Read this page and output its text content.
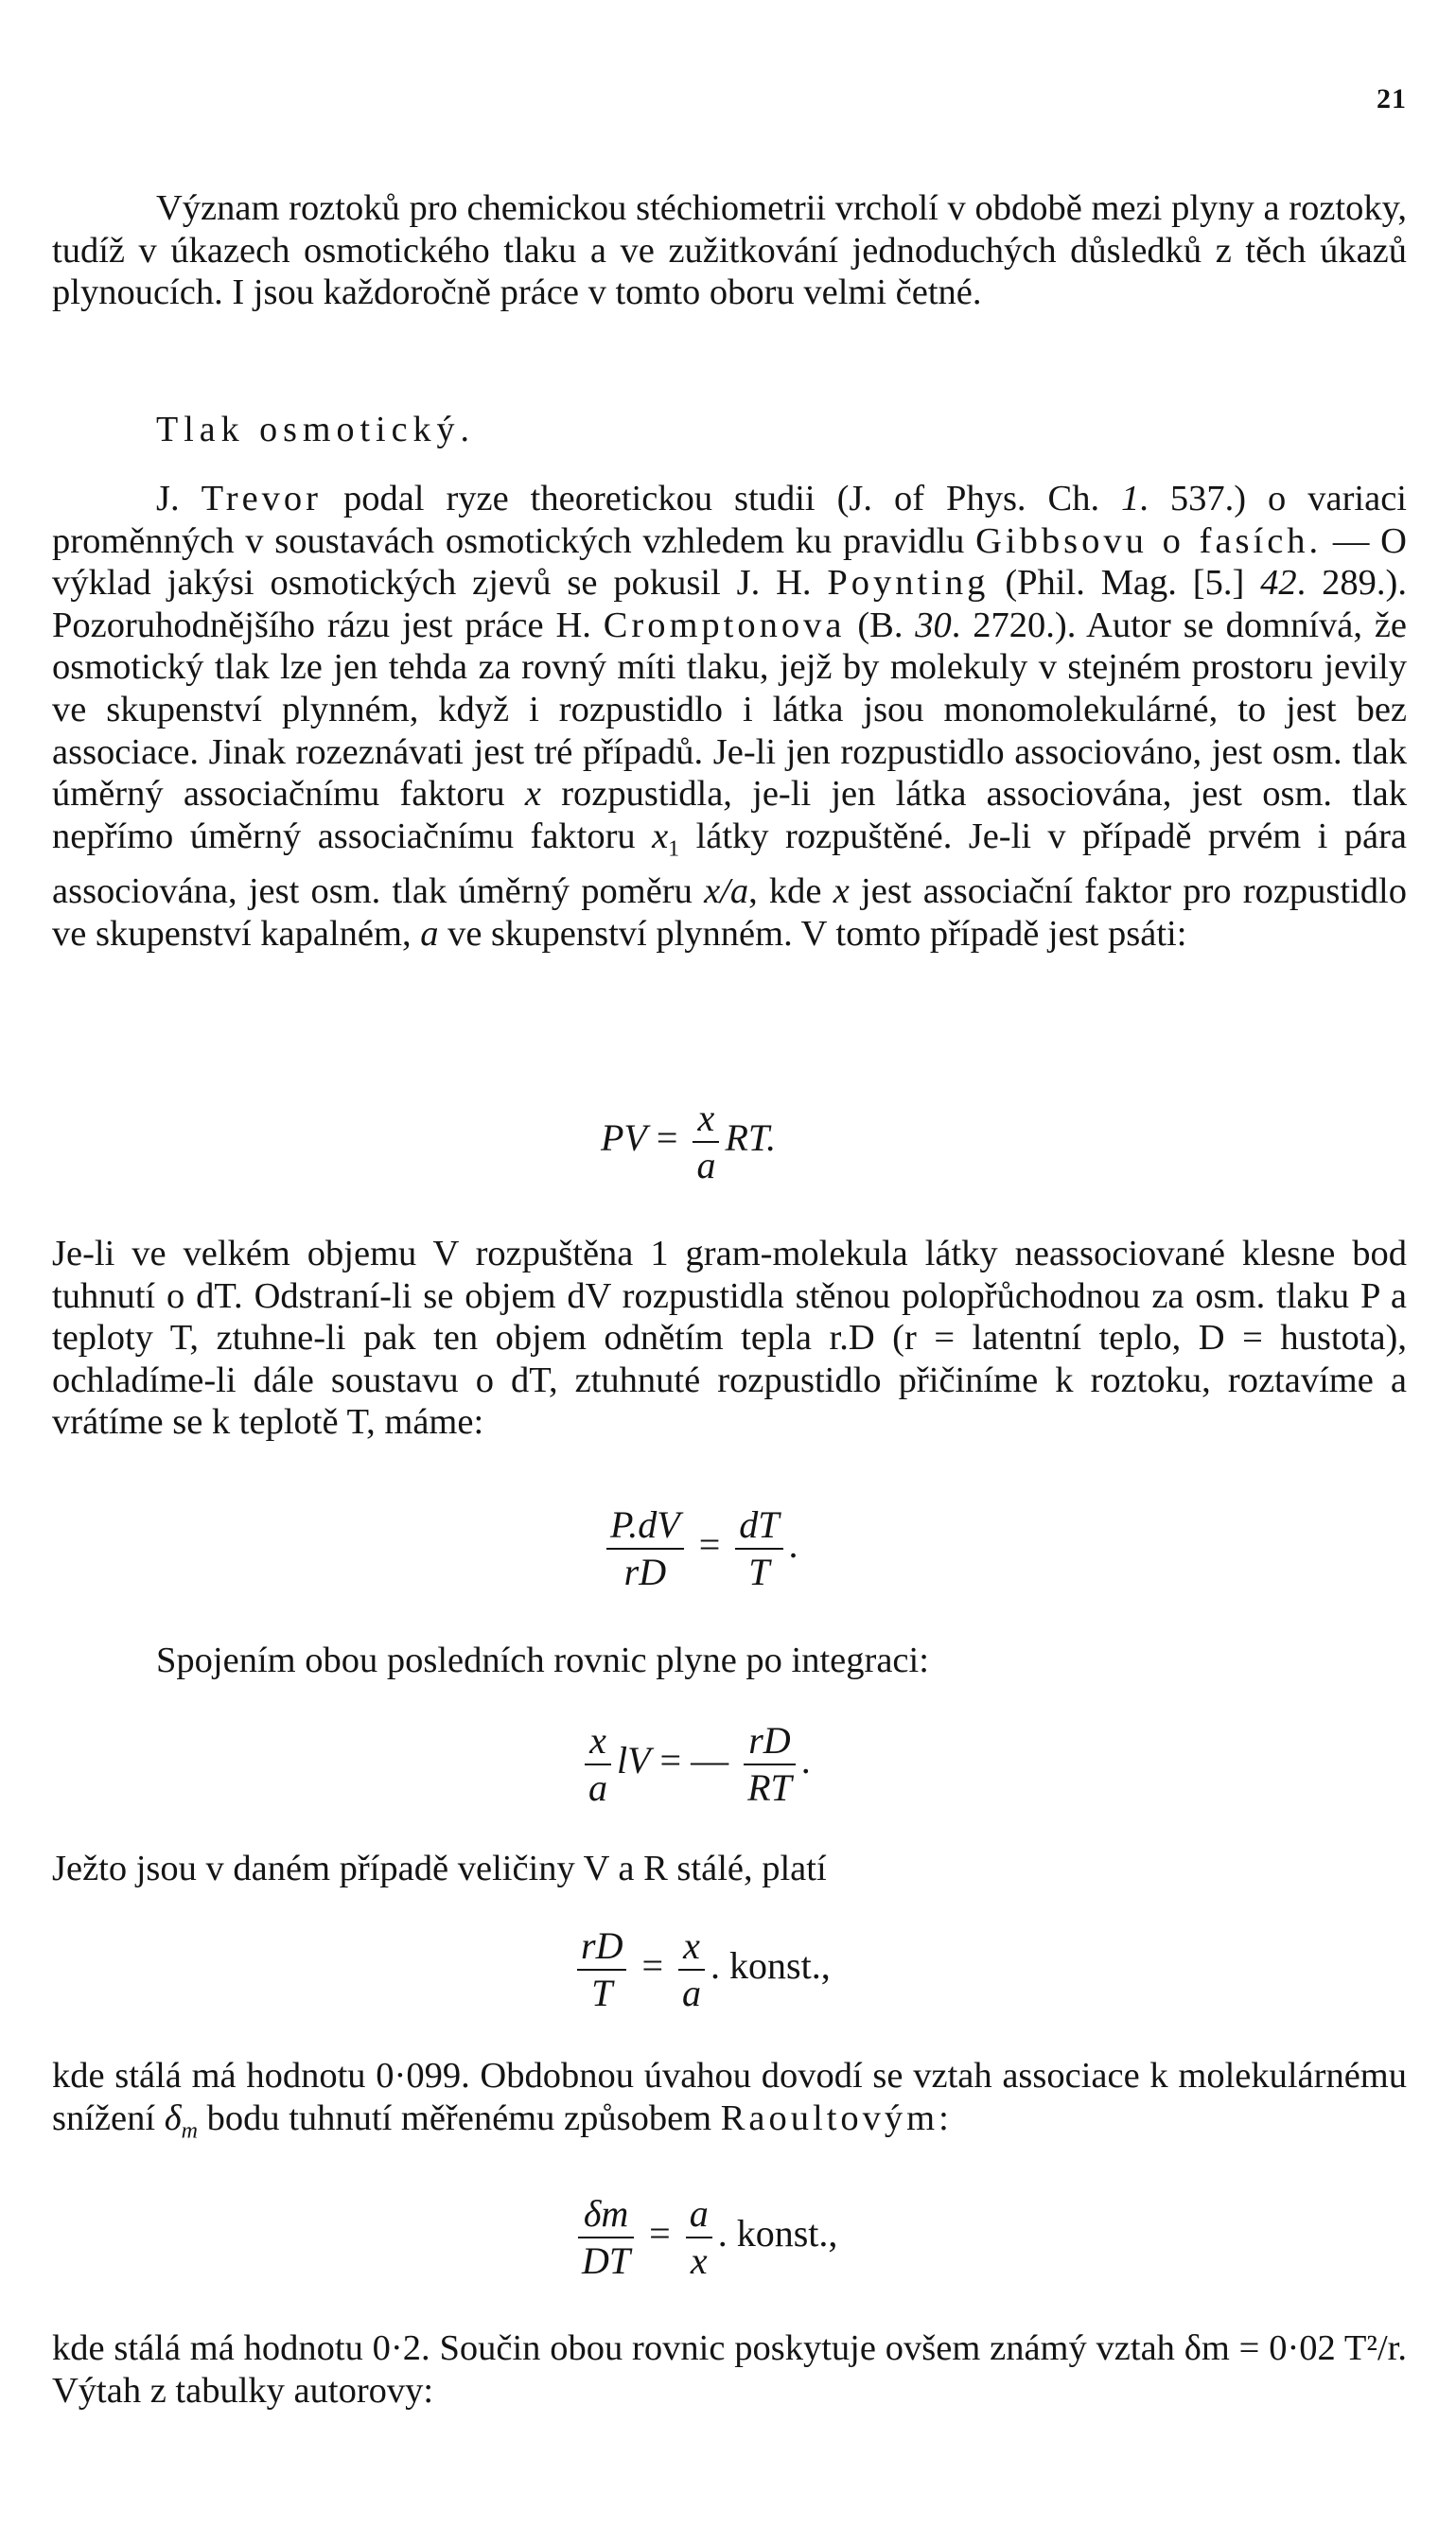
21

Význam roztoků pro chemickou stéchiometrii vrcholí v obdobě mezi plyny a roztoky, tudíž v úkazech osmotického tlaku a ve zužitkování jednoduchých důsledků z těch úkazů plynoucích. I jsou každoročně práce v tomto oboru velmi četné.

Tlak osmotický.

J. Trevor podal ryze theoretickou studii (J. of Phys. Ch. 1. 537.) o variaci proměnných v soustavách osmotických vzhledem ku pravidlu Gibbsovu o fasích. — O výklad jakýsi osmotických zjevů se pokusil J. H. Poynting (Phil. Mag. [5.] 42. 289.). Pozoruhodnějšího rázu jest práce H. Cromptonova (B. 30. 2720.). Autor se domnívá, že osmotický tlak lze jen tehda za rovný míti tlaku, jejž by molekuly v stejném prostoru jevily ve skupenství plynném, když i rozpustidlo i látka jsou monomolekulárné, to jest bez associace. Jinak rozeznávati jest tré případů. Je-li jen rozpustidlo associováno, jest osm. tlak úměrný associačnímu faktoru x rozpustidla, je-li jen látka associována, jest osm. tlak nepřímo úměrný associačnímu faktoru $x_1$ látky rozpuštěné. Je-li v případě prvém i pára associována, jest osm. tlak úměrný poměru x/a, kde x jest associační faktor pro rozpustidlo ve skupenství kapalném, a ve skupenství plynném. V tomto případě jest psáti:

PV = $\frac{x}{a}$ RT.

Je-li ve velkém objemu V rozpuštěna 1 gram-molekula látky neassociované klesne bod tuhnutí o dT. Odstraní-li se objem dV rozpustidla stěnou polopřůchodnou za osm. tlaku P a teploty T, ztuhne-li pak ten objem odnětím tepla r.D (r = latentní teplo, D = hustota), ochladíme-li dále soustavu o dT, ztuhnuté rozpustidlo přičiníme k roztoku, roztavíme a vrátíme se k teplotě T, máme:

$\frac{P.dV}{rD} = \frac{dT}{T}$ .

Spojením obou posledních rovnic plyne po integraci:

$\frac{x}{a}$ lV = — $\frac{rD}{RT}$ .

Ježto jsou v daném případě veličiny V a R stálé, platí

$\frac{rD}{T} = \frac{x}{a}$ . konst.,

kde stálá má hodnotu 0·099. Obdobnou úvahou dovodí se vztah associace k molekulárnému snížení $\delta_m$ bodu tuhnutí měřenému způsobem Raoultovým:

$\frac{\delta m}{DT} = \frac{a}{x}$ . konst.,

kde stálá má hodnotu 0·2. Součin obou rovnic poskytuje ovšem známý vztah δm = 0·02 T²/r. Výtah z tabulky autorovy:
